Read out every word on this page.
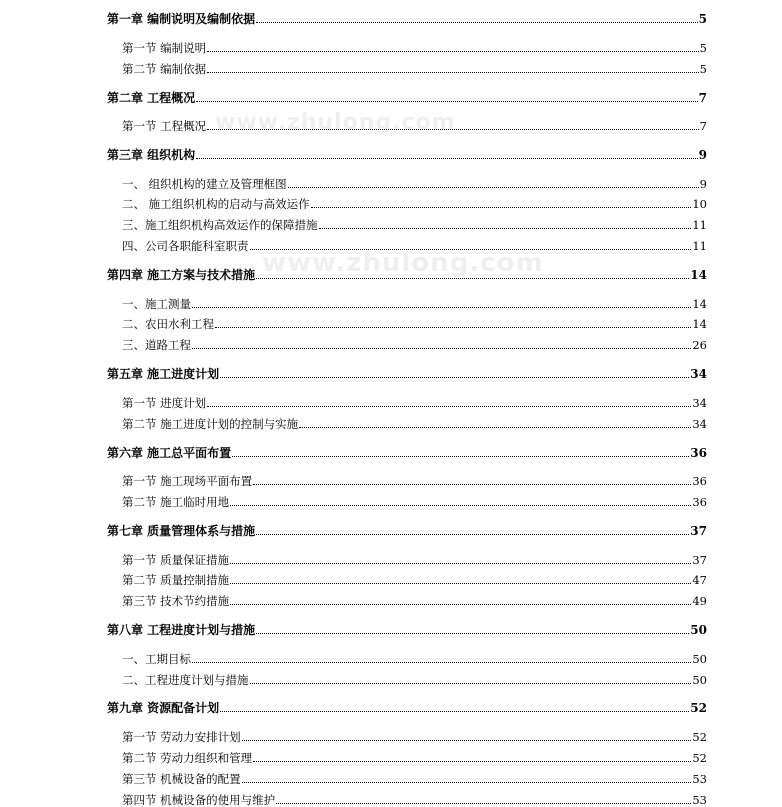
第一章 编制说明及编制依据	5
第一节 编制说明	5
第二节 编制依据	5
第二章 工程概况	7
第一节 工程概况	7
第三章 组织机构	9
一、 组织机构的建立及管理框图	9
二、 施工组织机构的启动与高效运作	10
三、施工组织机构高效运作的保障措施	11
四、公司各职能科室职责	11
第四章 施工方案与技术措施	14
一、施工测量	14
二、农田水利工程	14
三、道路工程	26
第五章 施工进度计划	34
第一节 进度计划	34
第二节 施工进度计划的控制与实施	34
第六章 施工总平面布置	36
第一节 施工现场平面布置	36
第二节 施工临时用地	36
第七章 质量管理体系与措施	37
第一节 质量保证措施	37
第二节 质量控制措施	47
第三节 技术节约措施	49
第八章 工程进度计划与措施	50
一、工期目标	50
二、工程进度计划与措施	50
第九章 资源配备计划	52
第一节 劳动力安排计划	52
第二节 劳动力组织和管理	52
第三节 机械设备的配置	53
第四节 机械设备的使用与维护	53
www.zhulong.com
www.zhulong.com
